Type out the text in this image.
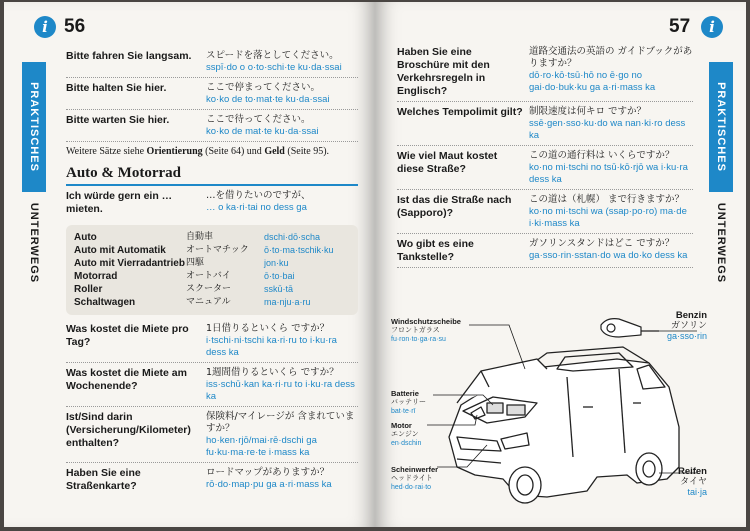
i 56
PRAKTISCHES
UNTERWEGS
Bitte fahren Sie langsam.	スピードを落としてください。
sspī·do o o·to·schi·te ku·da·ssai
Bitte halten Sie hier.	ここで停まってください。
ko·ko de to·mat·te ku·da·ssai
Bitte warten Sie hier.	ここで待ってください。
ko·ko de mat·te ku·da·ssai
Weitere Sätze siehe Orientierung (Seite 64) und Geld (Seite 95).
Auto & Motorrad
Ich würde gern ein … mieten.
…を借りたいのですが、
… o ka·ri·tai no dess ga
Auto	自動車	dschi·dō·scha
Auto mit Automatik	オートマチック	ō·to·ma·tschik·ku
Auto mit Vierradantrieb 四駆	jon·ku
Motorrad	オートバイ	ō·to·bai
Roller	スクーター	sskū·tā
Schaltwagen	マニュアル	ma·nju·a·ru
Was kostet die Miete pro Tag?
1日借りるといくら ですか？
i·tschi·ni·tschi ka·ri·ru to i·ku·ra dess ka
Was kostet die Miete am Wochenende?
1週間借りるといくら ですか？
iss·schū·kan ka·ri·ru to i·ku·ra dess ka
Ist/Sind darin (Versicherung/Kilometer) enthalten?
保険料/マイレージが 含まれていますか？
ho·ken·rjō/mai·rē·dschi ga fu·ku·ma·re·te i·mass ka
Haben Sie eine Straßenkarte?
ロードマップがありますか？
rō·do·map·pu ga a·ri·mass ka
57	i
PRAKTISCHES
UNTERWEGS
Haben Sie eine Broschüre mit den Verkehrsregeln in Englisch?
道路交通法の英語の ガイドブックがありますか？
dō·ro·kō·tsū·hō no ē·go no gai·do·buk·ku ga a·ri·mass ka
Welches Tempolimit gilt? 制限速度は何キロ ですか？
ssē·gen·sso·ku·do wa nan·ki·ro dess ka
Wie viel Maut kostet diese Straße?
この道の通行料は いくらですか？
ko·no mi·tschi no tsū·kō·rjō wa i·ku·ra dess ka
Ist das die Straße nach (Sapporo)?
この道は（札幌） まで行きますか？
ko·no mi·tschi wa (ssap·po·ro) ma·de i·ki·mass ka
Wo gibt es eine Tankstelle?
ガソリンスタンドはどこ ですか？
ga·sso·rin·sstan·do wa do·ko dess ka
Windschutzscheibe
フロントガラス
fu·ron·to·ga·ra·su
Batterie
バッテリー
bat·te·rī
Motor
エンジン
en·dschin
Scheinwerfer
ヘッドライト
hed·do·rai·to
Benzin
ガソリン
ga·sso·rin
Reifen
タイヤ
tai·ja
